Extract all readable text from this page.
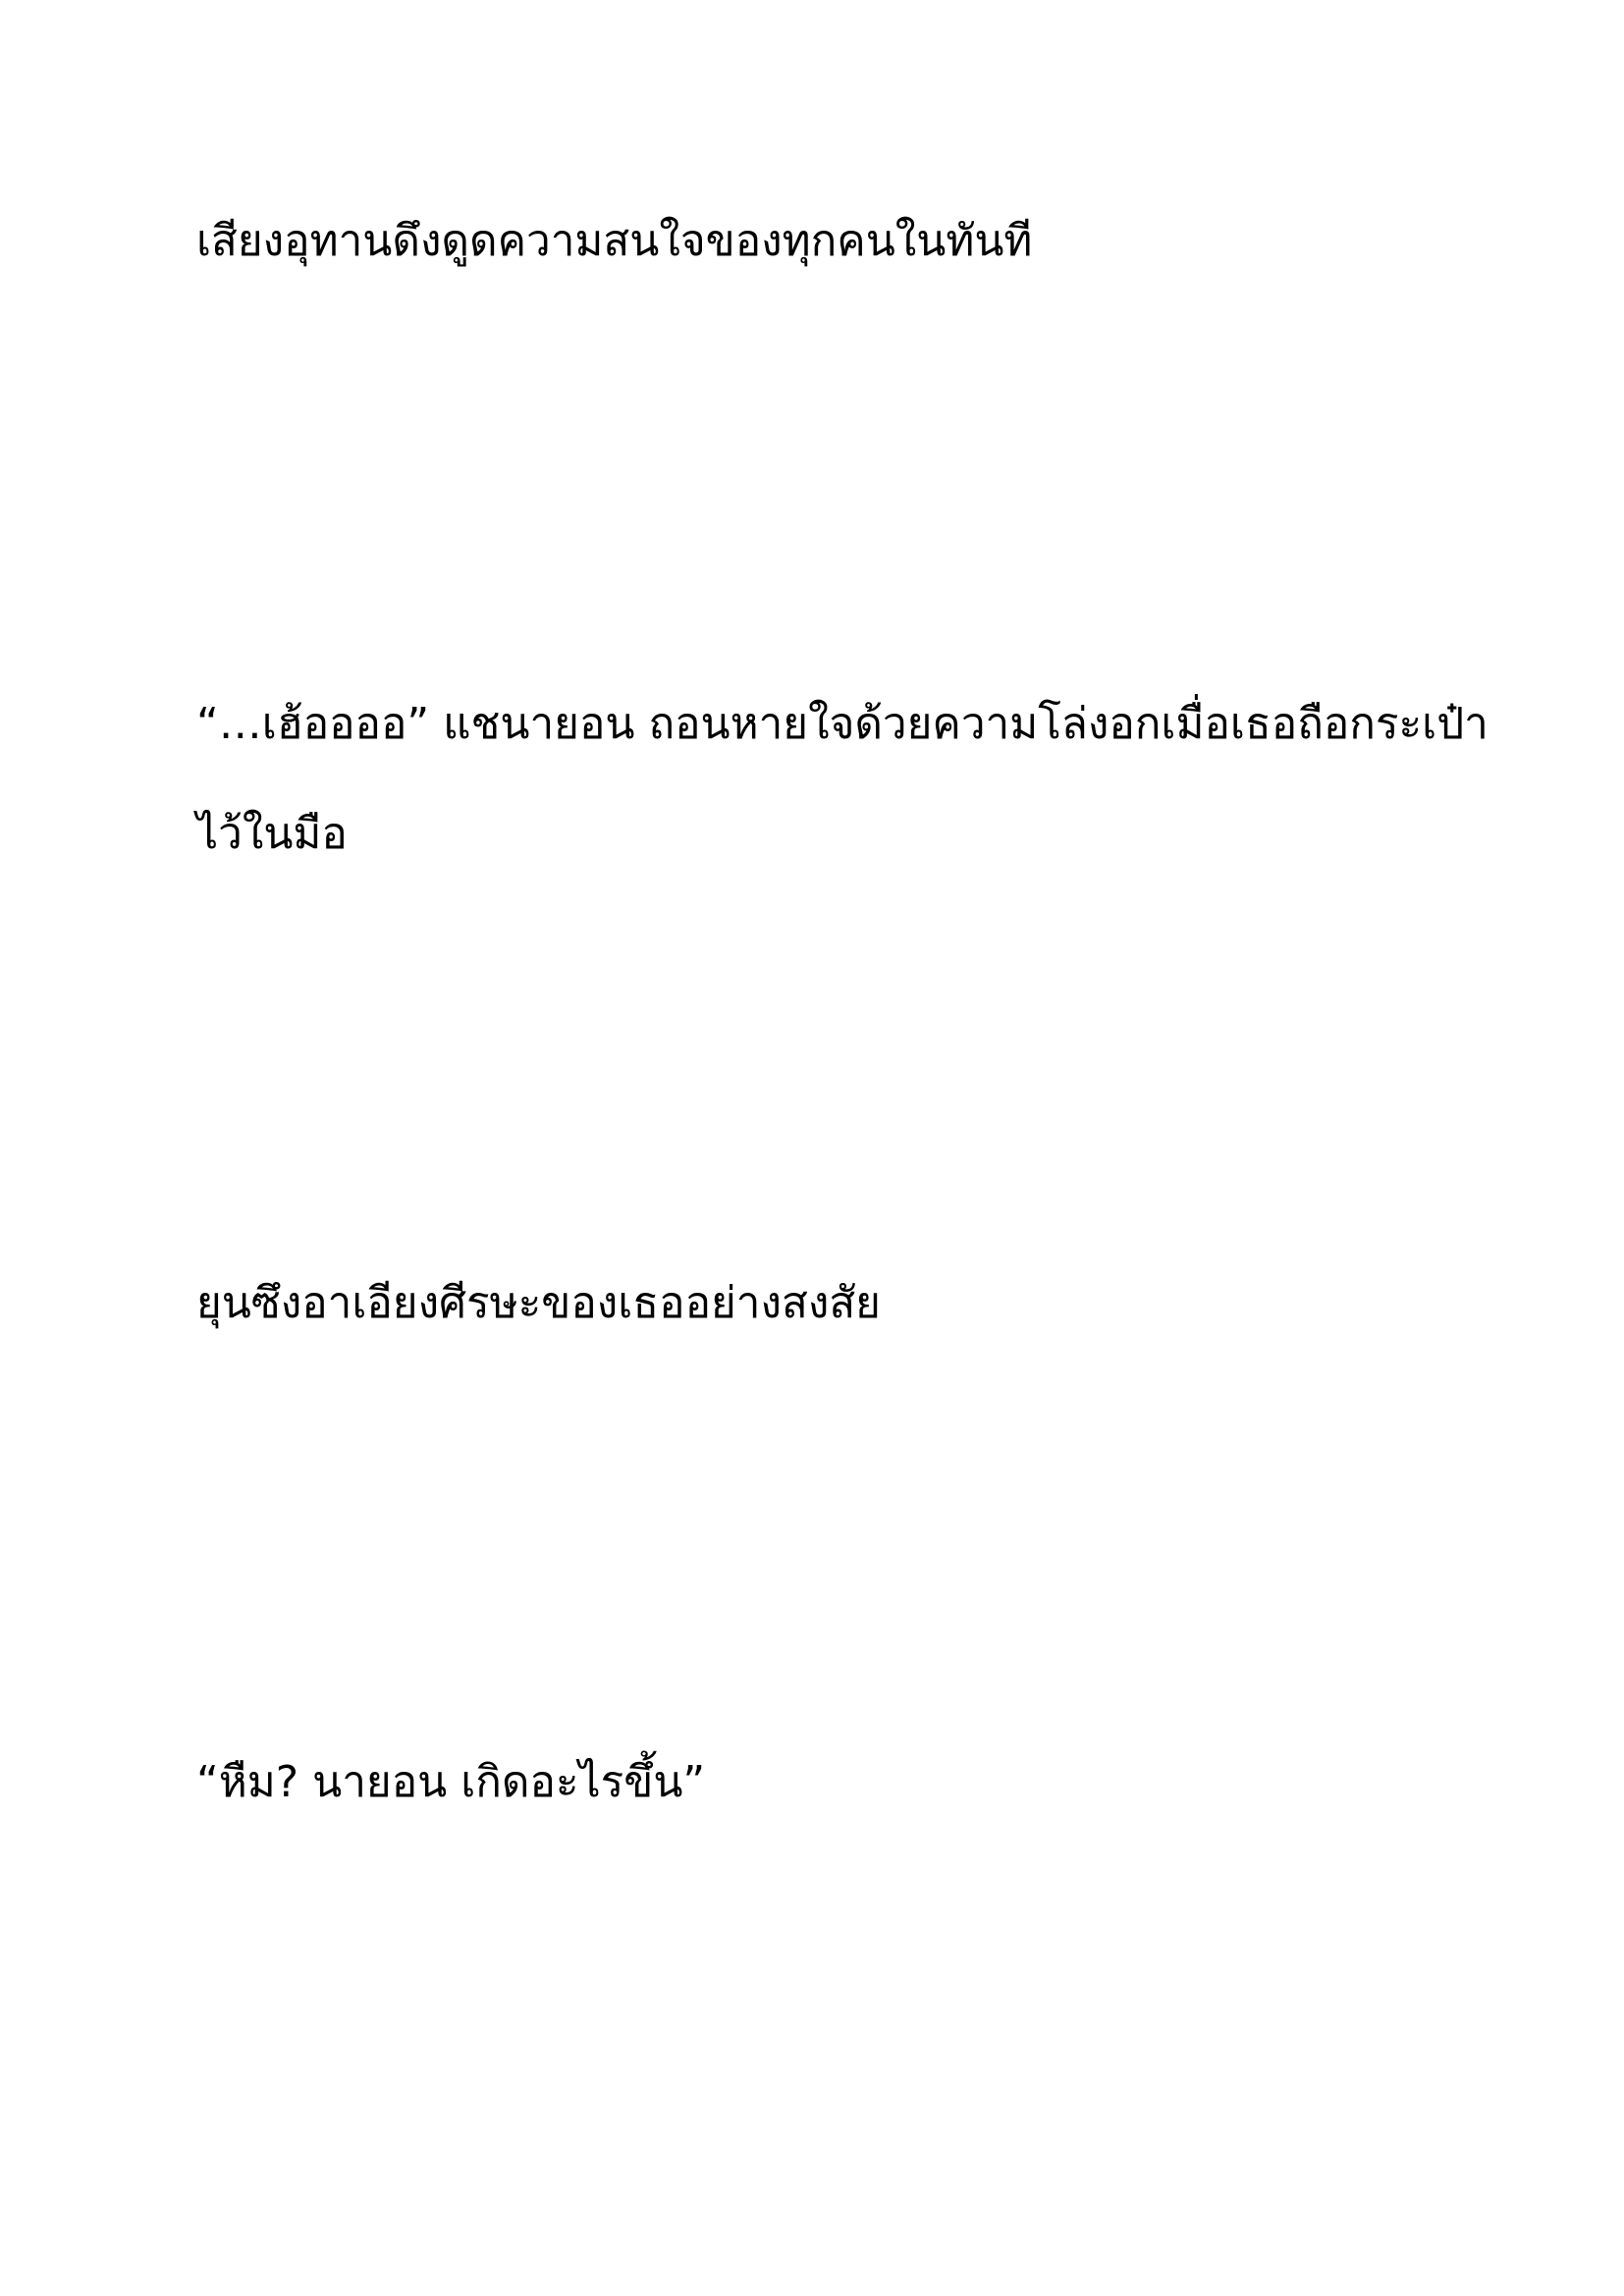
เสียงอุทานดึงดูดความสนใจของทุกคนในทันที

“…เฮ้ออออ” แชนายอน ถอนหายใจด้วยความโล่งอกเมื่อเธอถือกระเป๋า
ไว้ในมือ

ยุนซึงอาเอียงศีรษะของเธออย่างสงสัย

“หืม? นายอน เกิดอะไรขึ้น”
